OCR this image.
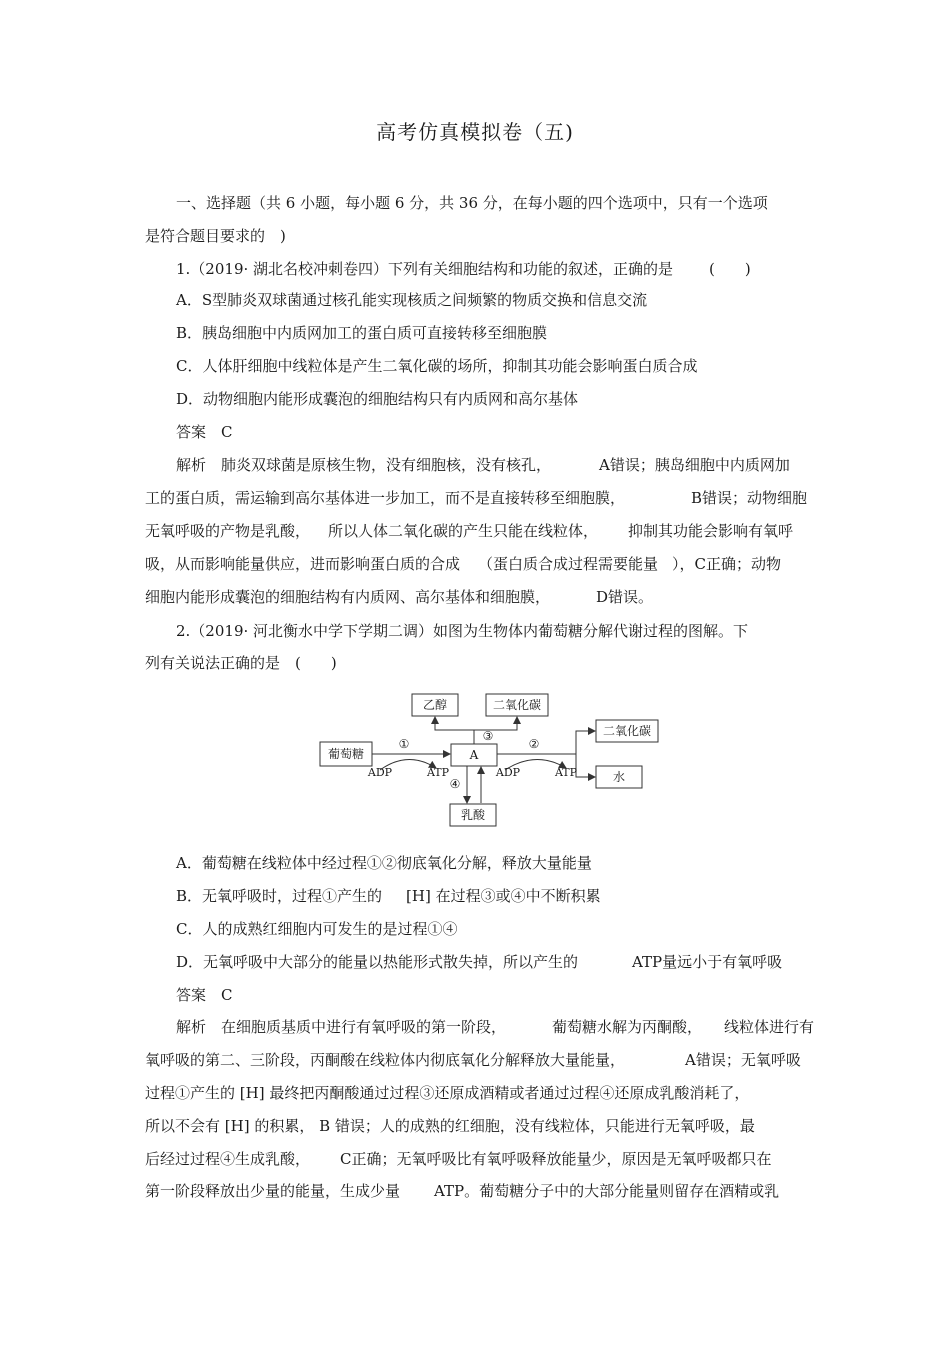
高考仿真模拟卷（五)
一、选择题（共 6 小题，每小题 6 分，共 36 分，在每小题的四个选项中，只有一个选项
是符合题目要求的　)
1.（2019· 湖北名校冲刺卷四）下列有关细胞结构和功能的叙述，正确的是 (　　)
A．S型肺炎双球菌通过核孔能实现核质之间频繁的物质交换和信息交流
B．胰岛细胞中内质网加工的蛋白质可直接转移至细胞膜
C．人体肝细胞中线粒体是产生二氧化碳的场所，抑制其功能会影响蛋白质合成
D．动物细胞内能形成囊泡的细胞结构只有内质网和高尔基体
答案　C
解析　肺炎双球菌是原核生物，没有细胞核，没有核孔，	A错误；胰岛细胞中内质网加
工的蛋白质，需运输到高尔基体进一步加工，而不是直接转移至细胞膜，	B错误；动物细胞
无氧呼吸的产物是乳酸， 所以人体二氧化碳的产生只能在线粒体， 抑制其功能会影响有氧呼
吸，从而影响能量供应，进而影响蛋白质的合成 （蛋白质合成过程需要能量 ），C正确；动物
细胞内能形成囊泡的细胞结构有内质网、高尔基体和细胞膜，	D错误。
2.（2019· 河北衡水中学下学期二调）如图为生物体内葡萄糖分解代谢过程的图解。下
列有关说法正确的是　(　　)
乙醇	二氧化碳
葡萄糖	A
二氧化碳
水
乳酸
①	②
③
④
ADP	ATP	ADP	ATP
A．葡萄糖在线粒体中经过程①②彻底氧化分解，释放大量能量
B．无氧呼吸时，过程①产生的 [H] 在过程③或④中不断积累
C．人的成熟红细胞内可发生的是过程①④
D．无氧呼吸中大部分的能量以热能形式散失掉，所以产生的	ATP量远小于有氧呼吸
答案　C
解析　在细胞质基质中进行有氧呼吸的第一阶段，	葡萄糖水解为丙酮酸， 线粒体进行有
氧呼吸的第二、三阶段，丙酮酸在线粒体内彻底氧化分解释放大量能量，	A错误；无氧呼吸
过程①产生的 [H] 最终把丙酮酸通过过程③还原成酒精或者通过过程④还原成乳酸消耗了，
所以不会有 [H] 的积累， B 错误；人的成熟的红细胞，没有线粒体，只能进行无氧呼吸，最
后经过过程④生成乳酸， C正确；无氧呼吸比有氧呼吸释放能量少，原因是无氧呼吸都只在
第一阶段释放出少量的能量，生成少量 ATP。葡萄糖分子中的大部分能量则留存在酒精或乳
